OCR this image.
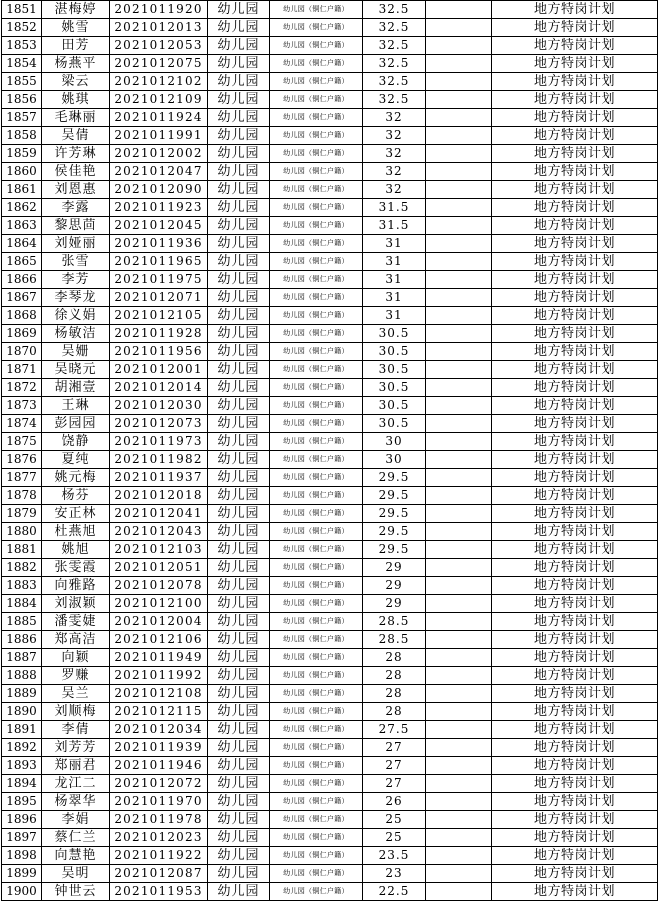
1851	湛梅婷	2021011920	幼儿园	幼儿园（铜仁户籍）	32.5		地方特岗计划
1852	姚雪	2021012013	幼儿园	幼儿园（铜仁户籍）	32.5		地方特岗计划
1853	田芳	2021012053	幼儿园	幼儿园（铜仁户籍）	32.5		地方特岗计划
1854	杨燕平	2021012075	幼儿园	幼儿园（铜仁户籍）	32.5		地方特岗计划
1855	梁云	2021012102	幼儿园	幼儿园（铜仁户籍）	32.5		地方特岗计划
1856	姚琪	2021012109	幼儿园	幼儿园（铜仁户籍）	32.5		地方特岗计划
1857	毛琳丽	2021011924	幼儿园	幼儿园（铜仁户籍）	32		地方特岗计划
1858	吴倩	2021011991	幼儿园	幼儿园（铜仁户籍）	32		地方特岗计划
1859	许芳琳	2021012002	幼儿园	幼儿园（铜仁户籍）	32		地方特岗计划
1860	侯佳艳	2021012047	幼儿园	幼儿园（铜仁户籍）	32		地方特岗计划
1861	刘恩惠	2021012090	幼儿园	幼儿园（铜仁户籍）	32		地方特岗计划
1862	李露	2021011923	幼儿园	幼儿园（铜仁户籍）	31.5		地方特岗计划
1863	黎思茴	2021012045	幼儿园	幼儿园（铜仁户籍）	31.5		地方特岗计划
1864	刘娅丽	2021011936	幼儿园	幼儿园（铜仁户籍）	31		地方特岗计划
1865	张雪	2021011965	幼儿园	幼儿园（铜仁户籍）	31		地方特岗计划
1866	李芳	2021011975	幼儿园	幼儿园（铜仁户籍）	31		地方特岗计划
1867	李琴龙	2021012071	幼儿园	幼儿园（铜仁户籍）	31		地方特岗计划
1868	徐义娟	2021012105	幼儿园	幼儿园（铜仁户籍）	31		地方特岗计划
1869	杨敏洁	2021011928	幼儿园	幼儿园（铜仁户籍）	30.5		地方特岗计划
1870	吴姗	2021011956	幼儿园	幼儿园（铜仁户籍）	30.5		地方特岗计划
1871	吴晓元	2021012001	幼儿园	幼儿园（铜仁户籍）	30.5		地方特岗计划
1872	胡湘壹	2021012014	幼儿园	幼儿园（铜仁户籍）	30.5		地方特岗计划
1873	王琳	2021012030	幼儿园	幼儿园（铜仁户籍）	30.5		地方特岗计划
1874	彭园园	2021012073	幼儿园	幼儿园（铜仁户籍）	30.5		地方特岗计划
1875	饶静	2021011973	幼儿园	幼儿园（铜仁户籍）	30		地方特岗计划
1876	夏纯	2021011982	幼儿园	幼儿园（铜仁户籍）	30		地方特岗计划
1877	姚元梅	2021011937	幼儿园	幼儿园（铜仁户籍）	29.5		地方特岗计划
1878	杨芬	2021012018	幼儿园	幼儿园（铜仁户籍）	29.5		地方特岗计划
1879	安正林	2021012041	幼儿园	幼儿园（铜仁户籍）	29.5		地方特岗计划
1880	杜燕旭	2021012043	幼儿园	幼儿园（铜仁户籍）	29.5		地方特岗计划
1881	姚旭	2021012103	幼儿园	幼儿园（铜仁户籍）	29.5		地方特岗计划
1882	张雯霞	2021012051	幼儿园	幼儿园（铜仁户籍）	29		地方特岗计划
1883	向雅路	2021012078	幼儿园	幼儿园（铜仁户籍）	29		地方特岗计划
1884	刘淑颖	2021012100	幼儿园	幼儿园（铜仁户籍）	29		地方特岗计划
1885	潘雯婕	2021012004	幼儿园	幼儿园（铜仁户籍）	28.5		地方特岗计划
1886	郑高洁	2021012106	幼儿园	幼儿园（铜仁户籍）	28.5		地方特岗计划
1887	向颖	2021011949	幼儿园	幼儿园（铜仁户籍）	28		地方特岗计划
1888	罗赚	2021011992	幼儿园	幼儿园（铜仁户籍）	28		地方特岗计划
1889	吴兰	2021012108	幼儿园	幼儿园（铜仁户籍）	28		地方特岗计划
1890	刘顺梅	2021012115	幼儿园	幼儿园（铜仁户籍）	28		地方特岗计划
1891	李倩	2021012034	幼儿园	幼儿园（铜仁户籍）	27.5		地方特岗计划
1892	刘芳芳	2021011939	幼儿园	幼儿园（铜仁户籍）	27		地方特岗计划
1893	郑丽君	2021011946	幼儿园	幼儿园（铜仁户籍）	27		地方特岗计划
1894	龙江二	2021012072	幼儿园	幼儿园（铜仁户籍）	27		地方特岗计划
1895	杨翠华	2021011970	幼儿园	幼儿园（铜仁户籍）	26		地方特岗计划
1896	李娟	2021011978	幼儿园	幼儿园（铜仁户籍）	25		地方特岗计划
1897	蔡仁兰	2021012023	幼儿园	幼儿园（铜仁户籍）	25		地方特岗计划
1898	向慧艳	2021011922	幼儿园	幼儿园（铜仁户籍）	23.5		地方特岗计划
1899	吴明	2021012087	幼儿园	幼儿园（铜仁户籍）	23		地方特岗计划
1900	钟世云	2021011953	幼儿园	幼儿园（铜仁户籍）	22.5		地方特岗计划
